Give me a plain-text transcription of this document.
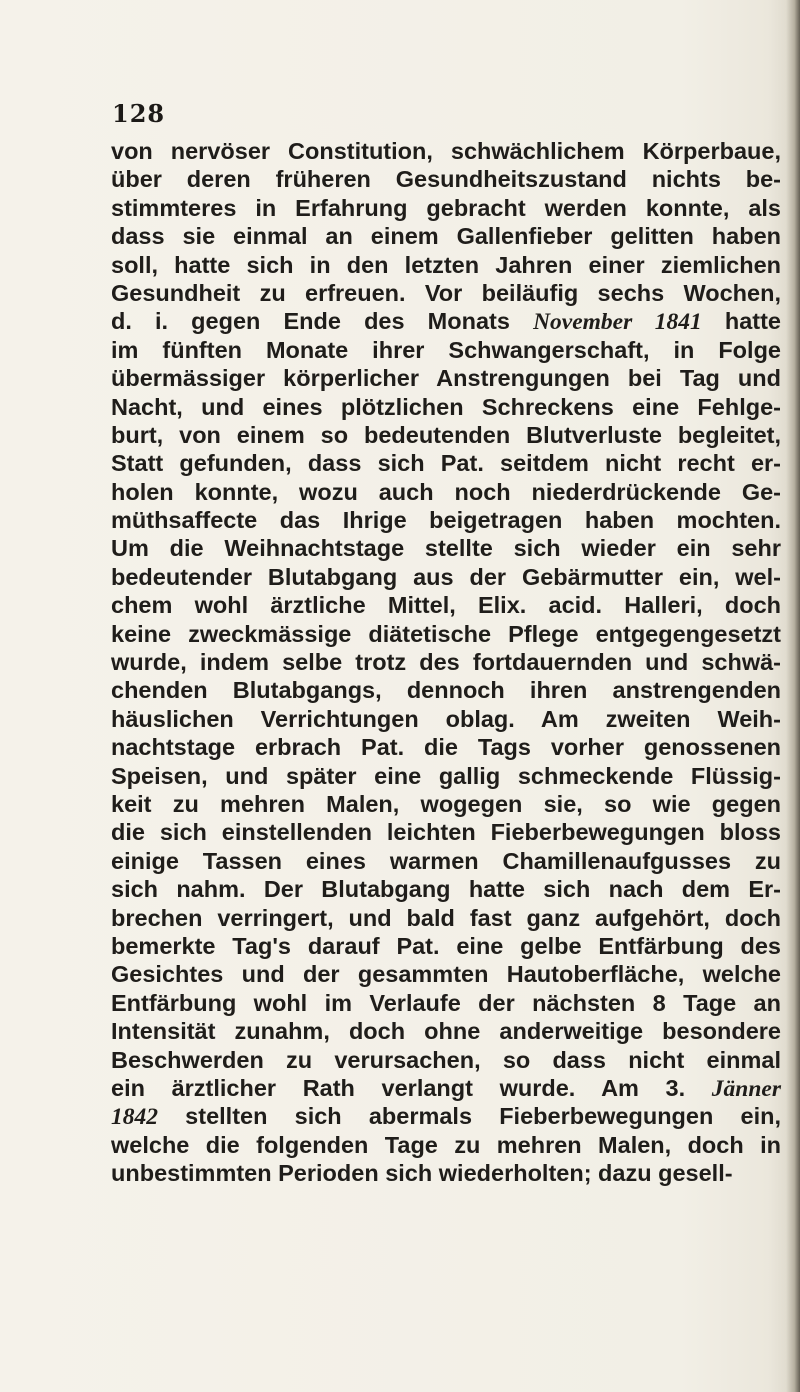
128
von nervöser Constitution, schwächlichem Körperbaue,
über deren früheren Gesundheitszustand nichts be-
stimmteres in Erfahrung gebracht werden konnte, als
dass sie einmal an einem Gallenfieber gelitten haben
soll, hatte sich in den letzten Jahren einer ziemlichen
Gesundheit zu erfreuen. Vor beiläufig sechs Wochen,
d. i. gegen Ende des Monats November 1841 hatte
im fünften Monate ihrer Schwangerschaft, in Folge
übermässiger körperlicher Anstrengungen bei Tag und
Nacht, und eines plötzlichen Schreckens eine Fehlge-
burt, von einem so bedeutenden Blutverluste begleitet,
Statt gefunden, dass sich Pat. seitdem nicht recht er-
holen konnte, wozu auch noch niederdrückende Ge-
müthsaffecte das Ihrige beigetragen haben mochten.
Um die Weihnachtstage stellte sich wieder ein sehr
bedeutender Blutabgang aus der Gebärmutter ein, wel-
chem wohl ärztliche Mittel, Elix. acid. Halleri, doch
keine zweckmässige diätetische Pflege entgegengesetzt
wurde, indem selbe trotz des fortdauernden und schwä-
chenden Blutabgangs, dennoch ihren anstrengenden
häuslichen Verrichtungen oblag. Am zweiten Weih-
nachtstage erbrach Pat. die Tags vorher genossenen
Speisen, und später eine gallig schmeckende Flüssig-
keit zu mehren Malen, wogegen sie, so wie gegen
die sich einstellenden leichten Fieberbewegungen bloss
einige Tassen eines warmen Chamillenaufgusses zu
sich nahm. Der Blutabgang hatte sich nach dem Er-
brechen verringert, und bald fast ganz aufgehört, doch
bemerkte Tag's darauf Pat. eine gelbe Entfärbung des
Gesichtes und der gesammten Hautoberfläche, welche
Entfärbung wohl im Verlaufe der nächsten 8 Tage an
Intensität zunahm, doch ohne anderweitige besondere
Beschwerden zu verursachen, so dass nicht einmal
ein ärztlicher Rath verlangt wurde. Am 3. Jänner
1842 stellten sich abermals Fieberbewegungen ein,
welche die folgenden Tage zu mehren Malen, doch in
unbestimmten Perioden sich wiederholten; dazu gesell-
